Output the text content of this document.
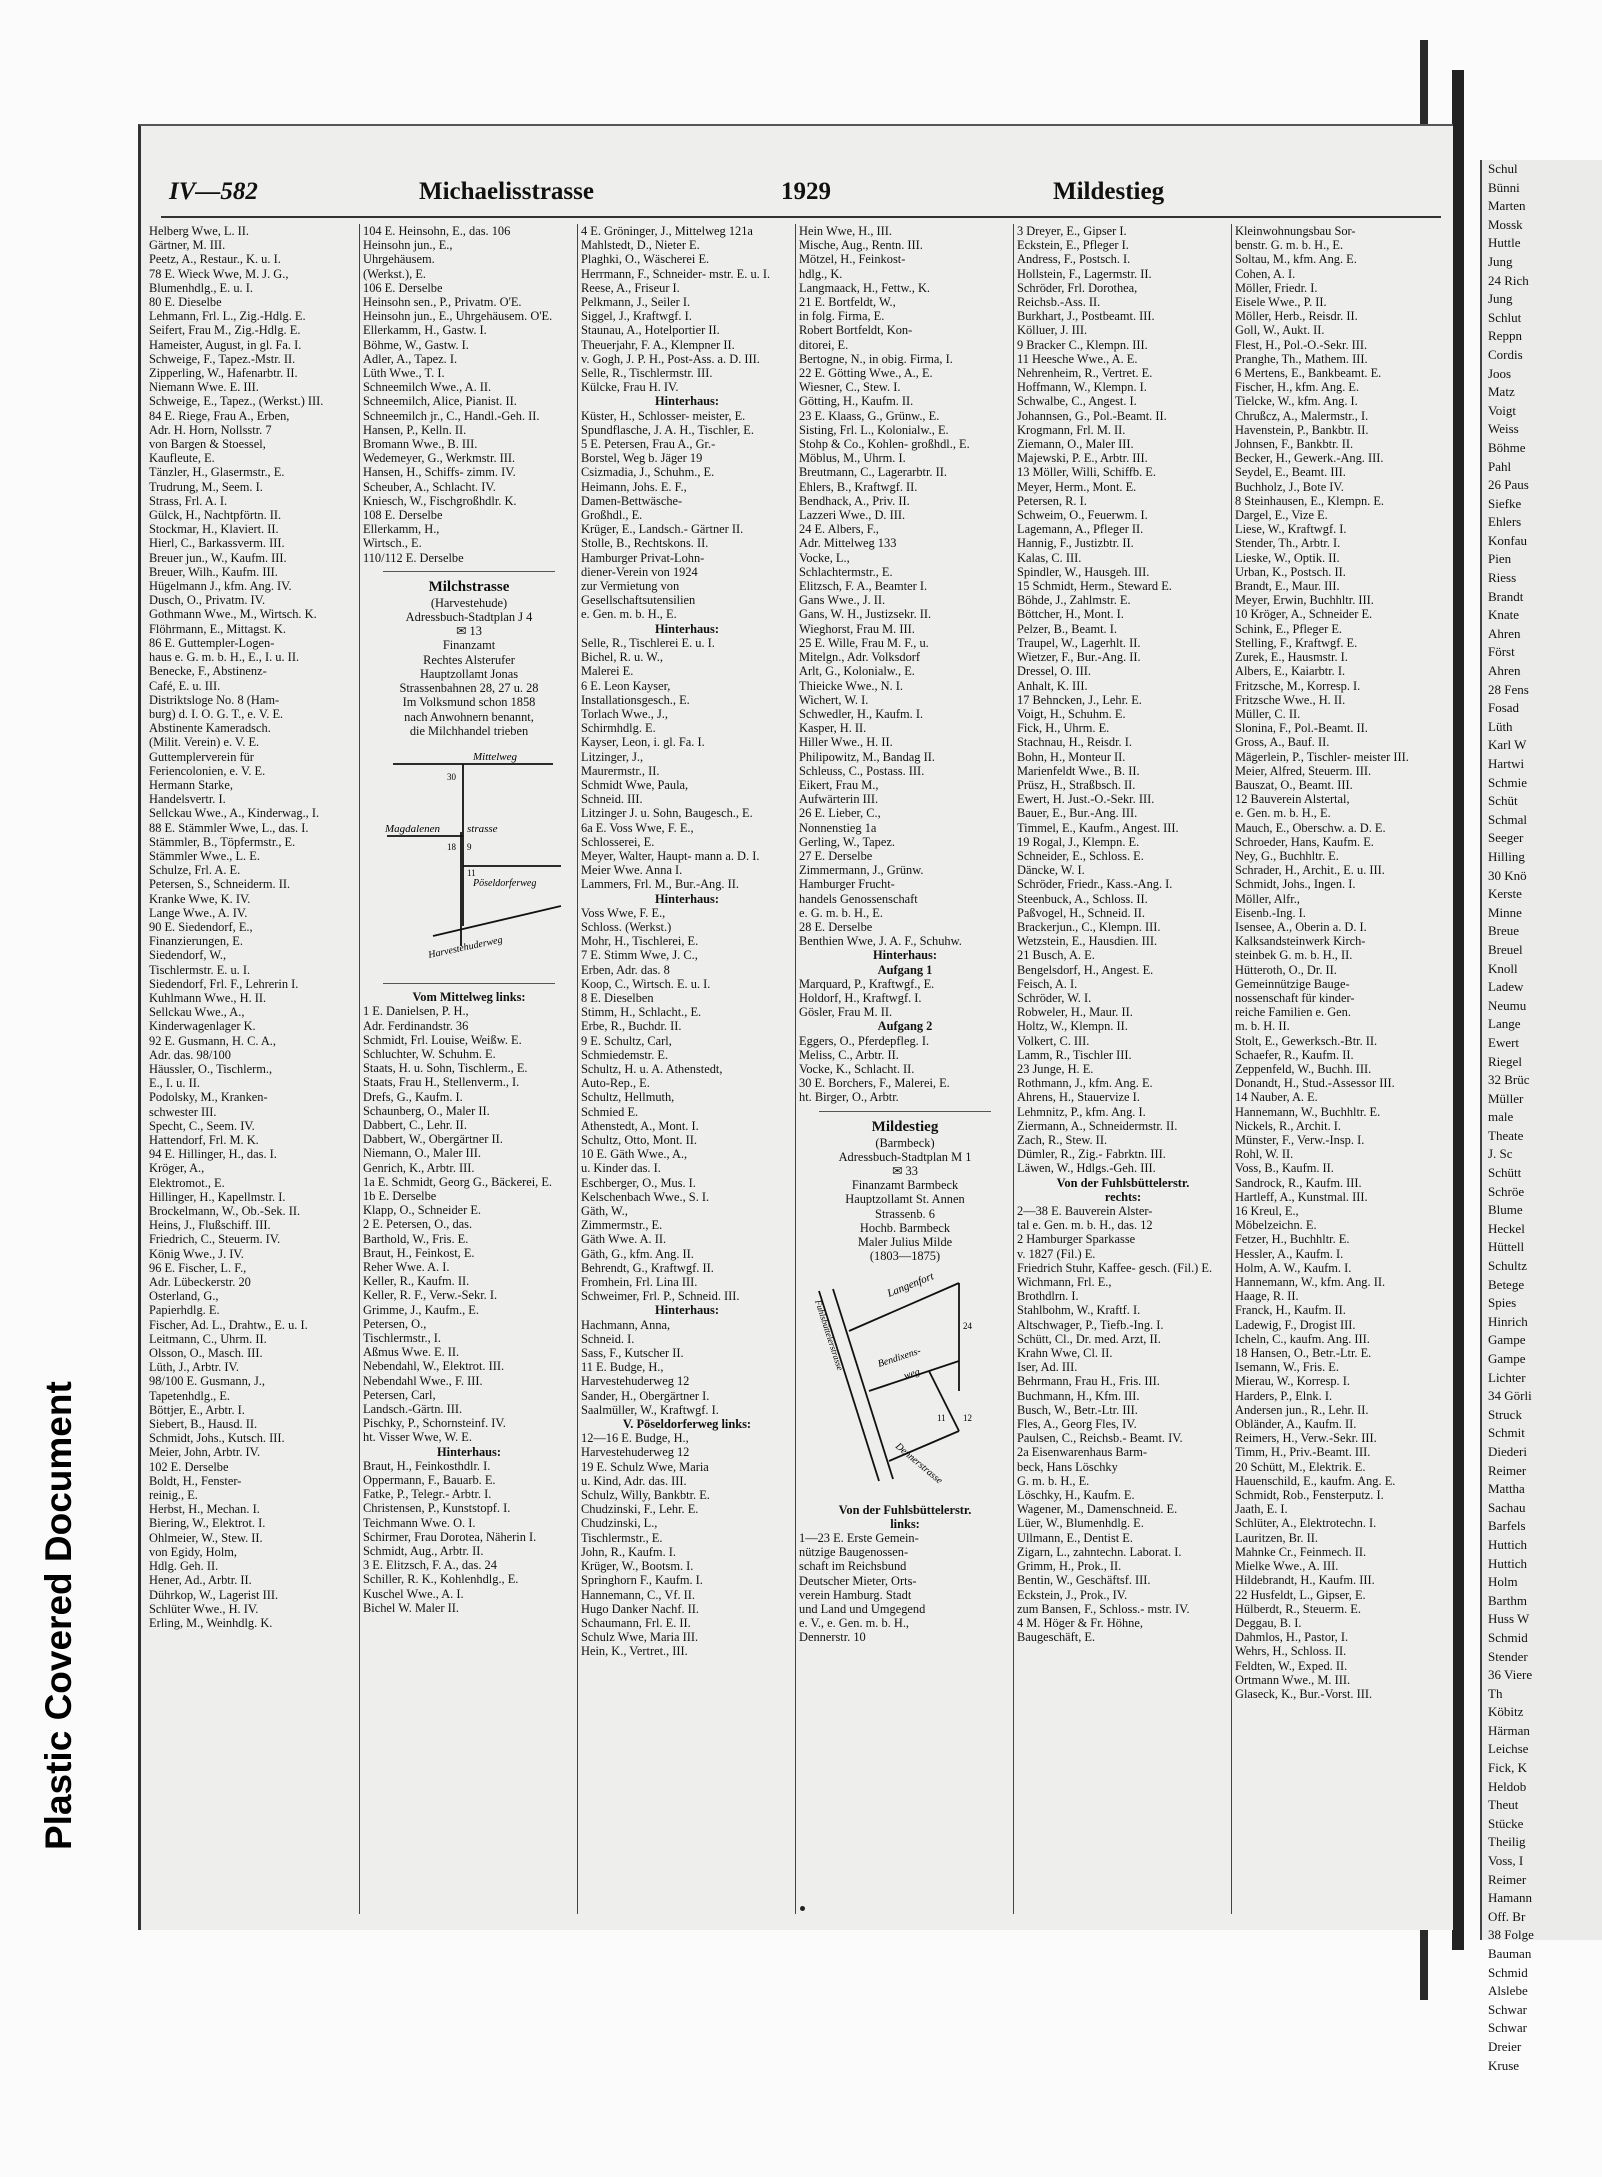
Schul
Bünni
Marten
Mossk
Huttle
Jung
24 Rich
Jung
Schlut
Reppn
Cordis
Joos
Matz
Voigt
Weiss
Böhme
Pahl
26 Paus
Siefke
Ehlers
Konfau
Pien
Riess
Brandt
Knate
Ahren
Först
Ahren
28 Fens
Fosad
Lüth
Karl W
Hartwi
Schmie
Schüt
Schmal
Seeger
Hilling
30 Knö
Kerste
Minne
Breue
Breuel
Knoll
Ladew
Neumu
Lange
Ewert
Riegel
32 Brüc
Müller
male
Theate
J. Sc
Schütt
Schröe
Blume
Heckel
Hüttell
Schultz
Betege
Spies
Hinrich
Gampe
Gampe
Lichter
34 Görli
Struck
Schmit
Diederi
Reimer
Mattha
Sachau
Barfels
Huttich
Huttich
Holm
Barthm
Huss W
Schmid
Stender
36 Viere
Th
Köbitz
Härman
Leichse
Fick, K
Heldob
Theut
Stücke
Theilig
Voss, I
Reimer
Hamann
Off. Br
38 Folge
Bauman
Schmid
Alslebe
Schwar
Schwar
Dreier
Kruse
Plastic Covered Document
IV—582	Michaelisstrasse	1929	Mildestieg
Helberg Wwe, L. II.
Gärtner, M. III.
Peetz, A., Restaur., K. u. I.
78 E. Wieck Wwe, M. J. G.,
Blumenhdlg., E. u. I.
80 E. Dieselbe
Lehmann, Frl. L., Zig.-Hdlg. E.
Seifert, Frau M., Zig.-Hdlg. E.
Hameister, August, in gl. Fa. I.
Schweige, F., Tapez.-Mstr. II.
Zipperling, W., Hafenarbtr. II.
Niemann Wwe. E. III.
Schweige, E., Tapez., (Werkst.) III.
84 E. Riege, Frau A., Erben,
Adr. H. Horn, Nollsstr. 7
von Bargen & Stoessel,
Kaufleute, E.
Tänzler, H., Glasermstr., E.
Trudrung, M., Seem. I.
Strass, Frl. A. I.
Gülck, H., Nachtpförtn. II.
Stockmar, H., Klaviert. II.
Hierl, C., Barkassverm. III.
Breuer jun., W., Kaufm. III.
Breuer, Wilh., Kaufm. III.
Hügelmann J., kfm. Ang. IV.
Dusch, O., Privatm. IV.
Gothmann Wwe., M., Wirtsch. K.
Flöhrmann, E., Mittagst. K.
86 E. Guttempler-Logen-
haus e. G. m. b. H., E., I. u. II.
Benecke, F., Abstinenz-
Café, E. u. III.
Distriktsloge No. 8 (Ham-
burg) d. I. O. G. T., e. V. E.
Abstinente Kameradsch.
(Milit. Verein) e. V. E.
Guttemplerverein für
Feriencolonien, e. V. E.
Hermann Starke,
Handelsvertr. I.
Sellckau Wwe., A., Kinderwag., I.
88 E. Stämmler Wwe, L., das. I.
Stämmler, B., Töpfermstr., E.
Stämmler Wwe., L. E.
Schulze, Frl. A. E.
Petersen, S., Schneiderm. II.
Kranke Wwe, K. IV.
Lange Wwe., A. IV.
90 E. Siedendorf, E.,
Finanzierungen, E.
Siedendorf, W.,
Tischlermstr. E. u. I.
Siedendorf, Frl. F., Lehrerin I.
Kuhlmann Wwe., H. II.
Sellckau Wwe., A.,
Kinderwagenlager K.
92 E. Gusmann, H. C. A.,
Adr. das. 98/100
Häussler, O., Tischlerm.,
E., I. u. II.
Podolsky, M., Kranken-
schwester III.
Specht, C., Seem. IV.
Hattendorf, Frl. M. K.
94 E. Hillinger, H., das. I.
Kröger, A.,
Elektromot., E.
Hillinger, H., Kapellmstr. I.
Brockelmann, W., Ob.-Sek. II.
Heins, J., Flußschiff. III.
Friedrich, C., Steuerm. IV.
König Wwe., J. IV.
96 E. Fischer, L. F.,
Adr. Lübeckerstr. 20
Osterland, G.,
Papierhdlg. E.
Fischer, Ad. L., Drahtw., E. u. I.
Leitmann, C., Uhrm. II.
Olsson, O., Masch. III.
Lüth, J., Arbtr. IV.
98/100 E. Gusmann, J.,
Tapetenhdlg., E.
Böttjer, E., Arbtr. I.
Siebert, B., Hausd. II.
Schmidt, Johs., Kutsch. III.
Meier, John, Arbtr. IV.
102 E. Derselbe
Boldt, H., Fenster-
reinig., E.
Herbst, H., Mechan. I.
Biering, W., Elektrot. I.
Ohlmeier, W., Stew. II.
von Egidy, Holm,
Hdlg. Geh. II.
Hener, Ad., Arbtr. II.
Dührkop, W., Lagerist III.
Schlüter Wwe., H. IV.
Erling, M., Weinhdlg. K.
104 E. Heinsohn, E., das. 106
Heinsohn jun., E.,
Uhrgehäusem.
(Werkst.), E.
106 E. Derselbe
Heinsohn sen., P., Privatm. O'E.
Heinsohn jun., E., Uhrgehäusem. O'E.
Ellerkamm, H., Gastw. I.
Böhme, W., Gastw. I.
Adler, A., Tapez. I.
Lüth Wwe., T. I.
Schneemilch Wwe., A. II.
Schneemilch, Alice, Pianist. II.
Schneemilch jr., C., Handl.-Geh. II.
Hansen, P., Kelln. II.
Bromann Wwe., B. III.
Wedemeyer, G., Werkmstr. III.
Hansen, H., Schiffs- zimm. IV.
Scheuber, A., Schlacht. IV.
Kniesch, W., Fischgroßhdlr. K.
108 E. Derselbe
Ellerkamm, H.,
Wirtsch., E.
110/112 E. Derselbe
Milchstrasse
(Harvestehude)
Adressbuch-Stadtplan J 4
✉ 13
Finanzamt
Rechtes Alsterufer
Hauptzollamt Jonas
Strassenbahnen 28, 27 u. 28
Im Volksmund schon 1858
nach Anwohnern benannt,
die Milchhandel trieben
Mittelweg
Magdalenen strasse
Pöseldorferweg
Harvestehuderweg
30
18 9
11
Vom Mittelweg links:
1 E. Danielsen, P. H.,
Adr. Ferdinandstr. 36
Schmidt, Frl. Louise, Weißw. E.
Schluchter, W. Schuhm. E.
Staats, H. u. Sohn, Tischlerm., E.
Staats, Frau H., Stellenverm., I.
Drefs, G., Kaufm. I.
Schaunberg, O., Maler II.
Dabbert, C., Lehr. II.
Dabbert, W., Obergärtner II.
Niemann, O., Maler III.
Genrich, K., Arbtr. III.
1a E. Schmidt, Georg G., Bäckerei, E.
1b E. Derselbe
Klapp, O., Schneider E.
2 E. Petersen, O., das.
Barthold, W., Fris. E.
Braut, H., Feinkost, E.
Reher Wwe. A. I.
Keller, R., Kaufm. II.
Keller, R. F., Verw.-Sekr. I.
Grimme, J., Kaufm., E.
Petersen, O.,
Tischlermstr., I.
Aßmus Wwe. E. II.
Nebendahl, W., Elektrot. III.
Nebendahl Wwe., F. III.
Petersen, Carl,
Landsch.-Gärtn. III.
Pischky, P., Schornsteinf. IV.
ht. Visser Wwe, W. E.
Hinterhaus:
Braut, H., Feinkosthdlr. I.
Oppermann, F., Bauarb. E.
Fatke, P., Telegr.- Arbtr. I.
Christensen, P., Kunststopf. I.
Teichmann Wwe. O. I.
Schirmer, Frau Dorotea, Näherin I.
Schmidt, Aug., Arbtr. II.
3 E. Elitzsch, F. A., das. 24
Schiller, R. K., Kohlenhdlg., E.
Kuschel Wwe., A. I.
Bichel W. Maler II.
4 E. Gröninger, J., Mittelweg 121a
Mahlstedt, D., Nieter E.
Plaghki, O., Wäscherei E.
Herrmann, F., Schneider- mstr. E. u. I.
Reese, A., Friseur I.
Pelkmann, J., Seiler I.
Siggel, J., Kraftwgf. I.
Staunau, A., Hotelportier II.
Theuerjahr, F. A., Klempner II.
v. Gogh, J. P. H., Post-Ass. a. D. III.
Selle, R., Tischlermstr. III.
Külcke, Frau H. IV.
Hinterhaus:
Küster, H., Schlosser- meister, E.
Spundflasche, J. A. H., Tischler, E.
5 E. Petersen, Frau A., Gr.-
Borstel, Weg b. Jäger 19
Csizmadia, J., Schuhm., E.
Heimann, Johs. E. F.,
Damen-Bettwäsche-
Großhdl., E.
Krüger, E., Landsch.- Gärtner II.
Stolle, B., Rechtskons. II.
Hamburger Privat-Lohn-
diener-Verein von 1924
zur Vermietung von
Gesellschaftsutensilien
e. Gen. m. b. H., E.
Hinterhaus:
Selle, R., Tischlerei E. u. I.
Bichel, R. u. W.,
Malerei E.
6 E. Leon Kayser,
Installationsgesch., E.
Torlach Wwe., J.,
Schirmhdlg. E.
Kayser, Leon, i. gl. Fa. I.
Litzinger, J.,
Maurermstr., II.
Schmidt Wwe, Paula,
Schneid. III.
Litzinger J. u. Sohn, Baugesch., E.
6a E. Voss Wwe, F. E.,
Schlosserei, E.
Meyer, Walter, Haupt- mann a. D. I.
Meier Wwe. Anna I.
Lammers, Frl. M., Bur.-Ang. II.
Hinterhaus:
Voss Wwe, F. E.,
Schloss. (Werkst.)
Mohr, H., Tischlerei, E.
7 E. Stimm Wwe, J. C.,
Erben, Adr. das. 8
Koop, C., Wirtsch. E. u. I.
8 E. Dieselben
Stimm, H., Schlacht., E.
Erbe, R., Buchdr. II.
9 E. Schultz, Carl,
Schmiedemstr. E.
Schultz, H. u. A. Athenstedt,
Auto-Rep., E.
Schultz, Hellmuth,
Schmied E.
Athenstedt, A., Mont. I.
Schultz, Otto, Mont. II.
10 E. Gäth Wwe., A.,
u. Kinder das. I.
Eschberger, O., Mus. I.
Kelschenbach Wwe., S. I.
Gäth, W.,
Zimmermstr., E.
Gäth Wwe. A. II.
Gäth, G., kfm. Ang. II.
Behrendt, G., Kraftwgf. II.
Fromhein, Frl. Lina III.
Schweimer, Frl. P., Schneid. III.
Hinterhaus:
Hachmann, Anna,
Schneid. I.
Sass, F., Kutscher II.
11 E. Budge, H.,
Harvestehuderweg 12
Sander, H., Obergärtner I.
Saalmüller, W., Kraftwgf. I.
V. Pöseldorferweg links:
12—16 E. Budge, H.,
Harvestehuderweg 12
19 E. Schulz Wwe, Maria
u. Kind, Adr. das. III.
Schulz, Willy, Bankbtr. E.
Chudzinski, F., Lehr. E.
Chudzinski, L.,
Tischlermstr., E.
John, R., Kaufm. I.
Krüger, W., Bootsm. I.
Springhorn F., Kaufm. I.
Hannemann, C., Vf. II.
Hugo Danker Nachf. II.
Schaumann, Frl. E. II.
Schulz Wwe, Maria III.
Hein, K., Vertret., III.
Hein Wwe, H., III.
Mische, Aug., Rentn. III.
Mötzel, H., Feinkost-
hdlg., K.
Langmaack, H., Fettw., K.
21 E. Bortfeldt, W.,
in folg. Firma, E.
Robert Bortfeldt, Kon-
ditorei, E.
Bertogne, N., in obig. Firma, I.
22 E. Götting Wwe., A., E.
Wiesner, C., Stew. I.
Götting, H., Kaufm. II.
23 E. Klaass, G., Grünw., E.
Sisting, Frl. L., Kolonialw., E.
Stohp & Co., Kohlen- großhdl., E.
Möblus, M., Uhrm. I.
Breutmann, C., Lagerarbtr. II.
Ehlers, B., Kraftwgf. II.
Bendhack, A., Priv. II.
Lazzeri Wwe., D. III.
24 E. Albers, F.,
Adr. Mittelweg 133
Vocke, L.,
Schlachtermstr., E.
Elitzsch, F. A., Beamter I.
Gans Wwe., J. II.
Gans, W. H., Justizsekr. II.
Wieghorst, Frau M. III.
25 E. Wille, Frau M. F., u.
Mitelgn., Adr. Volksdorf
Arlt, G., Kolonialw., E.
Thieicke Wwe., N. I.
Wichert, W. I.
Schwedler, H., Kaufm. I.
Kasper, H. II.
Hiller Wwe., H. II.
Philipowitz, M., Bandag II.
Schleuss, C., Postass. III.
Eikert, Frau M.,
Aufwärterin III.
26 E. Lieber, C.,
Nonnenstieg 1a
Gerling, W., Tapez.
27 E. Derselbe
Zimmermann, J., Grünw.
Hamburger Frucht-
handels Genossenschaft
e. G. m. b. H., E.
28 E. Derselbe
Benthien Wwe, J. A. F., Schuhw.
Hinterhaus:
Aufgang 1
Marquard, P., Kraftwgf., E.
Holdorf, H., Kraftwgf. I.
Gösler, Frau M. II.
Aufgang 2
Eggers, O., Pferdepfleg. I.
Meliss, C., Arbtr. II.
Vocke, K., Schlacht. II.
30 E. Borchers, F., Malerei, E.
ht. Birger, O., Arbtr.
Mildestieg
(Barmbeck)
Adressbuch-Stadtplan M 1
✉ 33
Finanzamt Barmbeck
Hauptzollamt St. Annen
Strassenb. 6
Hochb. Barmbeck
Maler Julius Milde
(1803—1875)
Langenfort
Fuhlsbüttelerstrasse	Bendixens-
weg
Dennerstrasse
24
12
11
Von der Fuhlsbüttelerstr.
links:
1—23 E. Erste Gemein-
nützige Baugenossen-
schaft im Reichsbund
Deutscher Mieter, Orts-
verein Hamburg. Stadt
und Land und Umgegend
e. V., e. Gen. m. b. H.,
Dennerstr. 10
3 Dreyer, E., Gipser I.
Eckstein, E., Pfleger I.
Andress, F., Postsch. I.
Hollstein, F., Lagermstr. II.
Schröder, Frl. Dorothea,
Reichsb.-Ass. II.
Burkhart, J., Postbeamt. III.
Kölluer, J. III.
9 Bracker C., Klempn. III.
11 Heesche Wwe., A. E.
Nehrenheim, R., Vertret. E.
Hoffmann, W., Klempn. I.
Schwalbe, C., Angest. I.
Johannsen, G., Pol.-Beamt. II.
Krogmann, Frl. M. II.
Ziemann, O., Maler III.
Majewski, P. E., Arbtr. III.
13 Möller, Willi, Schiffb. E.
Meyer, Herm., Mont. E.
Petersen, R. I.
Schweim, O., Feuerwm. I.
Lagemann, A., Pfleger II.
Hannig, F., Justizbtr. II.
Kalas, C. III.
Spindler, W., Hausgeh. III.
15 Schmidt, Herm., Steward E.
Böhde, J., Zahlmstr. E.
Böttcher, H., Mont. I.
Pelzer, B., Beamt. I.
Traupel, W., Lagerhlt. II.
Wietzer, F., Bur.-Ang. II.
Dressel, O. III.
Anhalt, K. III.
17 Behncken, J., Lehr. E.
Voigt, H., Schuhm. E.
Fick, H., Uhrm. E.
Stachnau, H., Reisdr. I.
Bohn, H., Monteur II.
Marienfeldt Wwe., B. II.
Prüsz, H., Straßbsch. II.
Ewert, H. Just.-O.-Sekr. III.
Bauer, E., Bur.-Ang. III.
Timmel, E., Kaufm., Angest. III.
19 Rogal, J., Klempn. E.
Schneider, E., Schloss. E.
Däncke, W. I.
Schröder, Friedr., Kass.-Ang. I.
Steenbuck, A., Schloss. II.
Paßvogel, H., Schneid. II.
Brackerjun., C., Klempn. III.
Wetzstein, E., Hausdien. III.
21 Busch, A. E.
Bengelsdorf, H., Angest. E.
Feisch, A. I.
Schröder, W. I.
Robweler, H., Maur. II.
Holtz, W., Klempn. II.
Volkert, C. III.
Lamm, R., Tischler III.
23 Junge, H. E.
Rothmann, J., kfm. Ang. E.
Ahrens, H., Stauervize I.
Lehmnitz, P., kfm. Ang. I.
Ziermann, A., Schneidermstr. II.
Zach, R., Stew. II.
Dümler, R., Zig.- Fabrktn. III.
Läwen, W., Hdlgs.-Geh. III.
Von der Fuhlsbüttelerstr.
rechts:
2—38 E. Bauverein Alster-
tal e. Gen. m. b. H., das. 12
2 Hamburger Sparkasse
v. 1827 (Fil.) E.
Friedrich Stuhr, Kaffee- gesch. (Fil.) E.
Wichmann, Frl. E.,
Brothdlrn. I.
Stahlbohm, W., Kraftf. I.
Altschwager, P., Tiefb.-Ing. I.
Schütt, Cl., Dr. med. Arzt, II.
Krahn Wwe, Cl. II.
Iser, Ad. III.
Behrmann, Frau H., Fris. III.
Buchmann, H., Kfm. III.
Busch, W., Betr.-Ltr. III.
Fles, A., Georg Fles, IV.
Paulsen, C., Reichsb.- Beamt. IV.
2a Eisenwarenhaus Barm-
beck, Hans Löschky
G. m. b. H., E.
Löschky, H., Kaufm. E.
Wagener, M., Damenschneid. E.
Lüer, W., Blumenhdlg. E.
Ullmann, E., Dentist E.
Zigarn, L., zahntechn. Laborat. I.
Grimm, H., Prok., II.
Bentin, W., Geschäftsf. III.
Eckstein, J., Prok., IV.
zum Bansen, F., Schloss.- mstr. IV.
4 M. Höger & Fr. Höhne,
Baugeschäft, E.
Kleinwohnungsbau Sor-
benstr. G. m. b. H., E.
Soltau, M., kfm. Ang. E.
Cohen, A. I.
Möller, Friedr. I.
Eisele Wwe., P. II.
Möller, Herb., Reisdr. II.
Goll, W., Aukt. II.
Flest, H., Pol.-O.-Sekr. III.
Pranghe, Th., Mathem. III.
6 Mertens, E., Bankbeamt. E.
Fischer, H., kfm. Ang. E.
Tielcke, W., kfm. Ang. I.
Chrußcz, A., Malermstr., I.
Havenstein, P., Bankbtr. II.
Johnsen, F., Bankbtr. II.
Becker, H., Gewerk.-Ang. III.
Seydel, E., Beamt. III.
Buchholz, J., Bote IV.
8 Steinhausen, E., Klempn. E.
Dargel, E., Vize E.
Liese, W., Kraftwgf. I.
Stender, Th., Arbtr. I.
Lieske, W., Optik. II.
Urban, K., Postsch. II.
Brandt, E., Maur. III.
Meyer, Erwin, Buchhltr. III.
10 Kröger, A., Schneider E.
Schink, E., Pfleger E.
Stelling, F., Kraftwgf. E.
Zurek, E., Hausmstr. I.
Albers, E., Kaiarbtr. I.
Fritzsche, M., Korresp. I.
Fritzsche Wwe., H. II.
Müller, C. II.
Slonina, F., Pol.-Beamt. II.
Gross, A., Bauf. II.
Mägerlein, P., Tischler- meister III.
Meier, Alfred, Steuerm. III.
Bauszat, O., Beamt. III.
12 Bauverein Alstertal,
e. Gen. m. b. H., E.
Mauch, E., Oberschw. a. D. E.
Schroeder, Hans, Kaufm. E.
Ney, G., Buchhltr. E.
Schrader, H., Archit., E. u. III.
Schmidt, Johs., Ingen. I.
Möller, Alfr.,
Eisenb.-Ing. I.
Isensee, A., Oberin a. D. I.
Kalksandsteinwerk Kirch-
steinbek G. m. b. H., II.
Hütteroth, O., Dr. II.
Gemeinnützige Bauge-
nossenschaft für kinder-
reiche Familien e. Gen.
m. b. H. II.
Stolt, E., Gewerksch.-Btr. II.
Schaefer, R., Kaufm. II.
Zeppenfeld, W., Buchh. III.
Donandt, H., Stud.-Assessor III.
14 Nauber, A. E.
Hannemann, W., Buchhltr. E.
Nickels, R., Archit. I.
Münster, F., Verw.-Insp. I.
Rohl, W. II.
Voss, B., Kaufm. II.
Sandrock, R., Kaufm. III.
Hartleff, A., Kunstmal. III.
16 Kreul, E.,
Möbelzeichn. E.
Fetzer, H., Buchhltr. E.
Hessler, A., Kaufm. I.
Holm, A. W., Kaufm. I.
Hannemann, W., kfm. Ang. II.
Haage, R. II.
Franck, H., Kaufm. II.
Ladewig, F., Drogist III.
Icheln, C., kaufm. Ang. III.
18 Hansen, O., Betr.-Ltr. E.
Isemann, W., Fris. E.
Mierau, W., Korresp. I.
Harders, P., Elnk. I.
Andersen jun., R., Lehr. II.
Obländer, A., Kaufm. II.
Reimers, H., Verw.-Sekr. III.
Timm, H., Priv.-Beamt. III.
20 Schütt, M., Elektrik. E.
Hauenschild, E., kaufm. Ang. E.
Schmidt, Rob., Fensterputz. I.
Jaath, E. I.
Schlüter, A., Elektrotechn. I.
Lauritzen, Br. II.
Mahnke Cr., Feinmech. II.
Mielke Wwe., A. III.
Hildebrandt, H., Kaufm. III.
22 Husfeldt, L., Gipser, E.
Hülberdt, R., Steuerm. E.
Deggau, B. I.
Dahmlos, H., Pastor, I.
Wehrs, H., Schloss. II.
Feldten, W., Exped. II.
Ortmann Wwe., M. III.
Glaseck, K., Bur.-Vorst. III.
